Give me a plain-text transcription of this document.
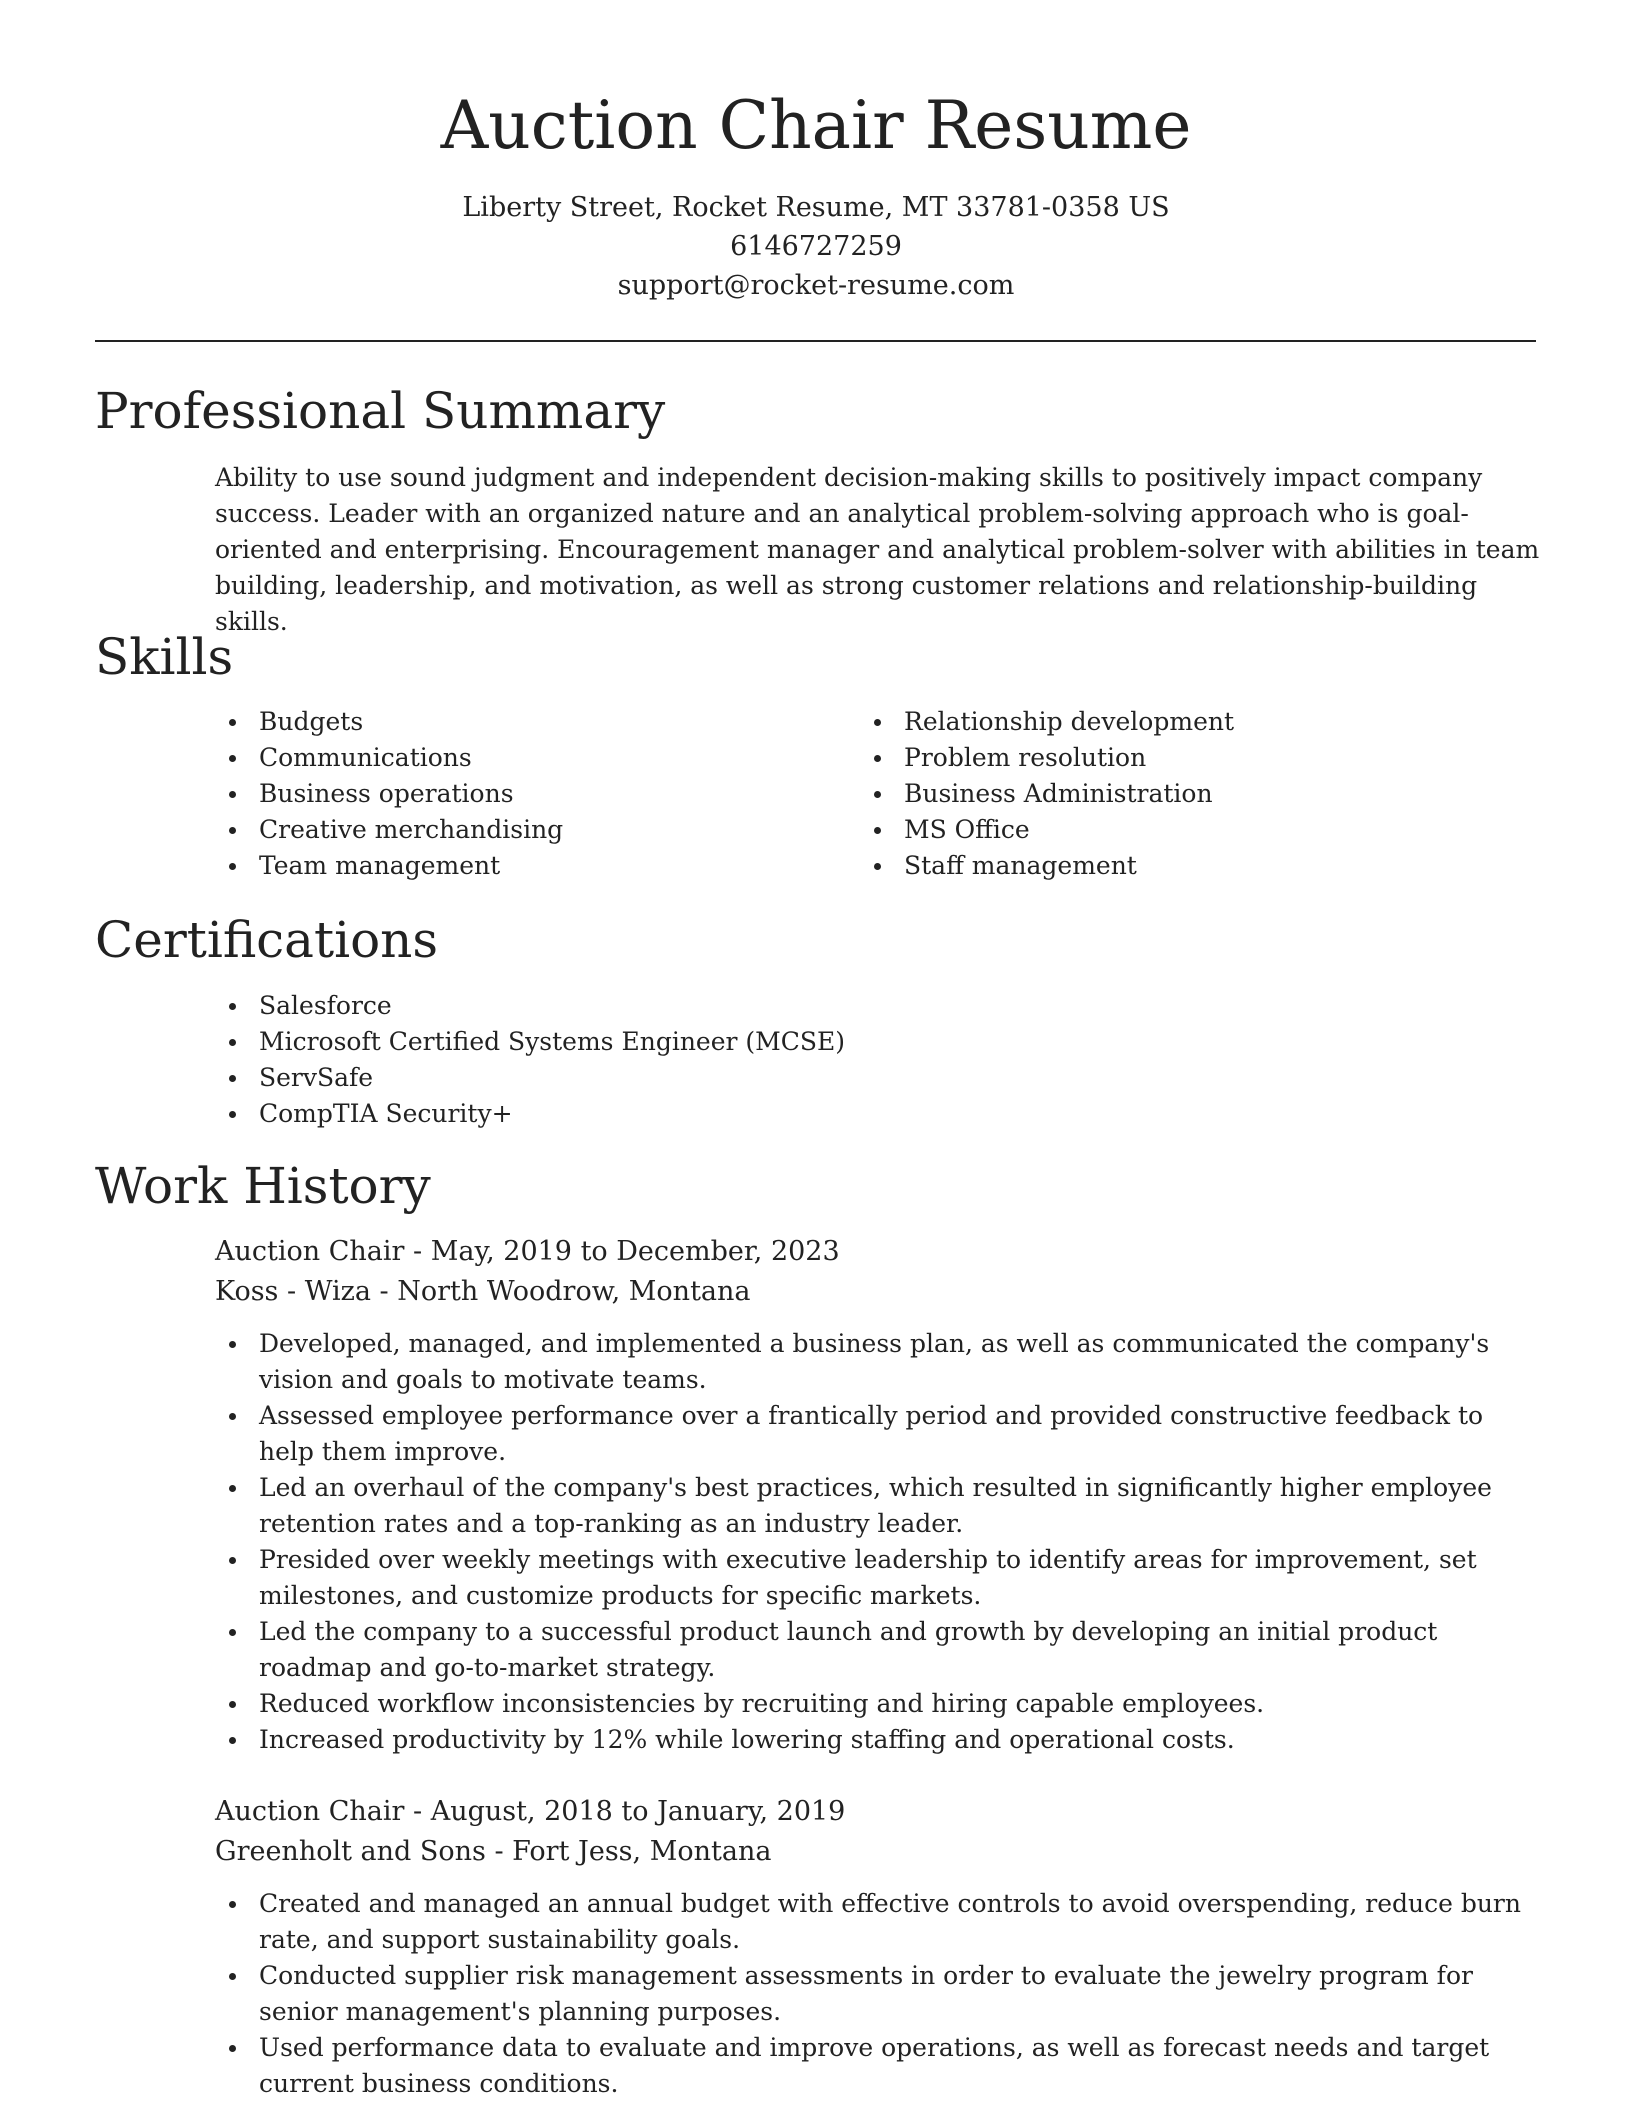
Auction Chair Resume
Liberty Street, Rocket Resume, MT 33781-0358 US
6146727259
support@rocket-resume.com
Professional Summary

Ability to use sound judgment and independent decision-making skills to positively impact company success. Leader with an organized nature and an analytical problem-solving approach who is goal-oriented and enterprising. Encouragement manager and analytical problem-solver with abilities in team building, leadership, and motivation, as well as strong customer relations and relationship-building skills.

Skills
Budgets
Communications
Business operations
Creative merchandising
Team management
Relationship development
Problem resolution
Business Administration
MS Office
Staff management
Certifications
Salesforce
Microsoft Certified Systems Engineer (MCSE)
ServSafe
CompTIA Security+
Work History
Auction Chair - May, 2019 to December, 2023
Koss - Wiza - North Woodrow, Montana
Developed, managed, and implemented a business plan, as well as communicated the company's vision and goals to motivate teams.
Assessed employee performance over a frantically period and provided constructive feedback to help them improve.
Led an overhaul of the company's best practices, which resulted in significantly higher employee retention rates and a top-ranking as an industry leader.
Presided over weekly meetings with executive leadership to identify areas for improvement, set milestones, and customize products for specific markets.
Led the company to a successful product launch and growth by developing an initial product roadmap and go-to-market strategy.
Reduced workflow inconsistencies by recruiting and hiring capable employees.
Increased productivity by 12% while lowering staffing and operational costs.
Auction Chair - August, 2018 to January, 2019
Greenholt and Sons - Fort Jess, Montana
Created and managed an annual budget with effective controls to avoid overspending, reduce burn rate, and support sustainability goals.
Conducted supplier risk management assessments in order to evaluate the jewelry program for senior management's planning purposes.
Used performance data to evaluate and improve operations, as well as forecast needs and target current business conditions.
